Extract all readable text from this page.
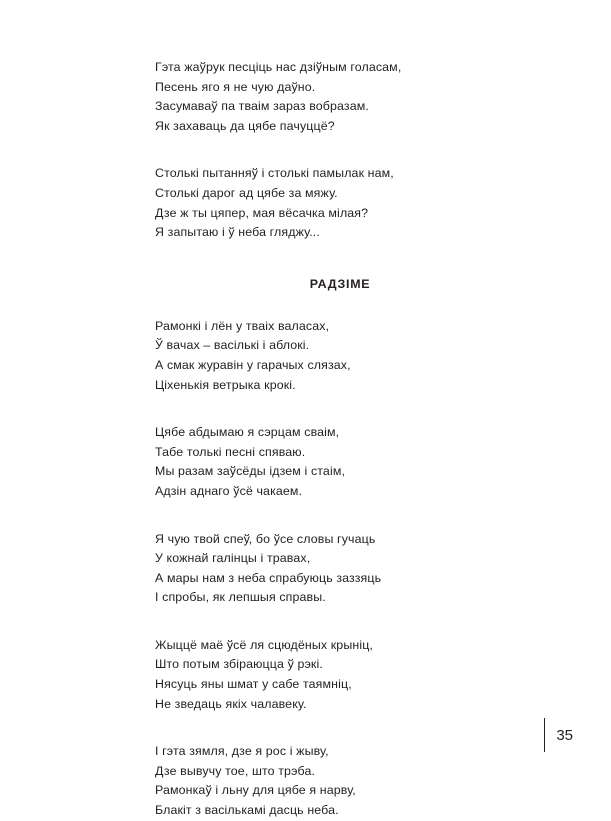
Гэта жаўрук песціць нас дзіўным голасам,
Песень яго я не чую даўно.
Засумаваў па тваім зараз вобразам.
Як захаваць да цябе пачуццё?
Столькі пытанняў і столькі памылак нам,
Столькі дарог ад цябе за мяжу.
Дзе ж ты цяпер, мая вёсачка мілая?
Я запытаю і ў неба гляджу...
РАДЗІМЕ
Рамонкі і лён у тваіх валасах,
Ў вачах – васількі і аблокі.
А смак журавін у гарачых слязах,
Ціхенькія ветрыка крокі.
Цябе абдымаю я сэрцам сваім,
Табе толькі песні спяваю.
Мы разам заўсёды ідзем і стаім,
Адзін аднаго ўсё чакаем.
Я чую твой спеў, бо ўсе словы гучаць
У кожнай галінцы і травах,
А мары нам з неба спрабуюць заззяць
І спробы, як лепшыя справы.
Жыццё маё ўсё ля сцюдёных крыніц,
Што потым збіраюцца ў рэкі.
Нясуць яны шмат у сабе таямніц,
Не зведаць якіх чалавеку.
І гэта зямля, дзе я рос і жыву,
Дзе вывучу тое, што трэба.
Рамонкаў і льну для цябе я нарву,
Блакіт з васількамі дасць неба.
35
